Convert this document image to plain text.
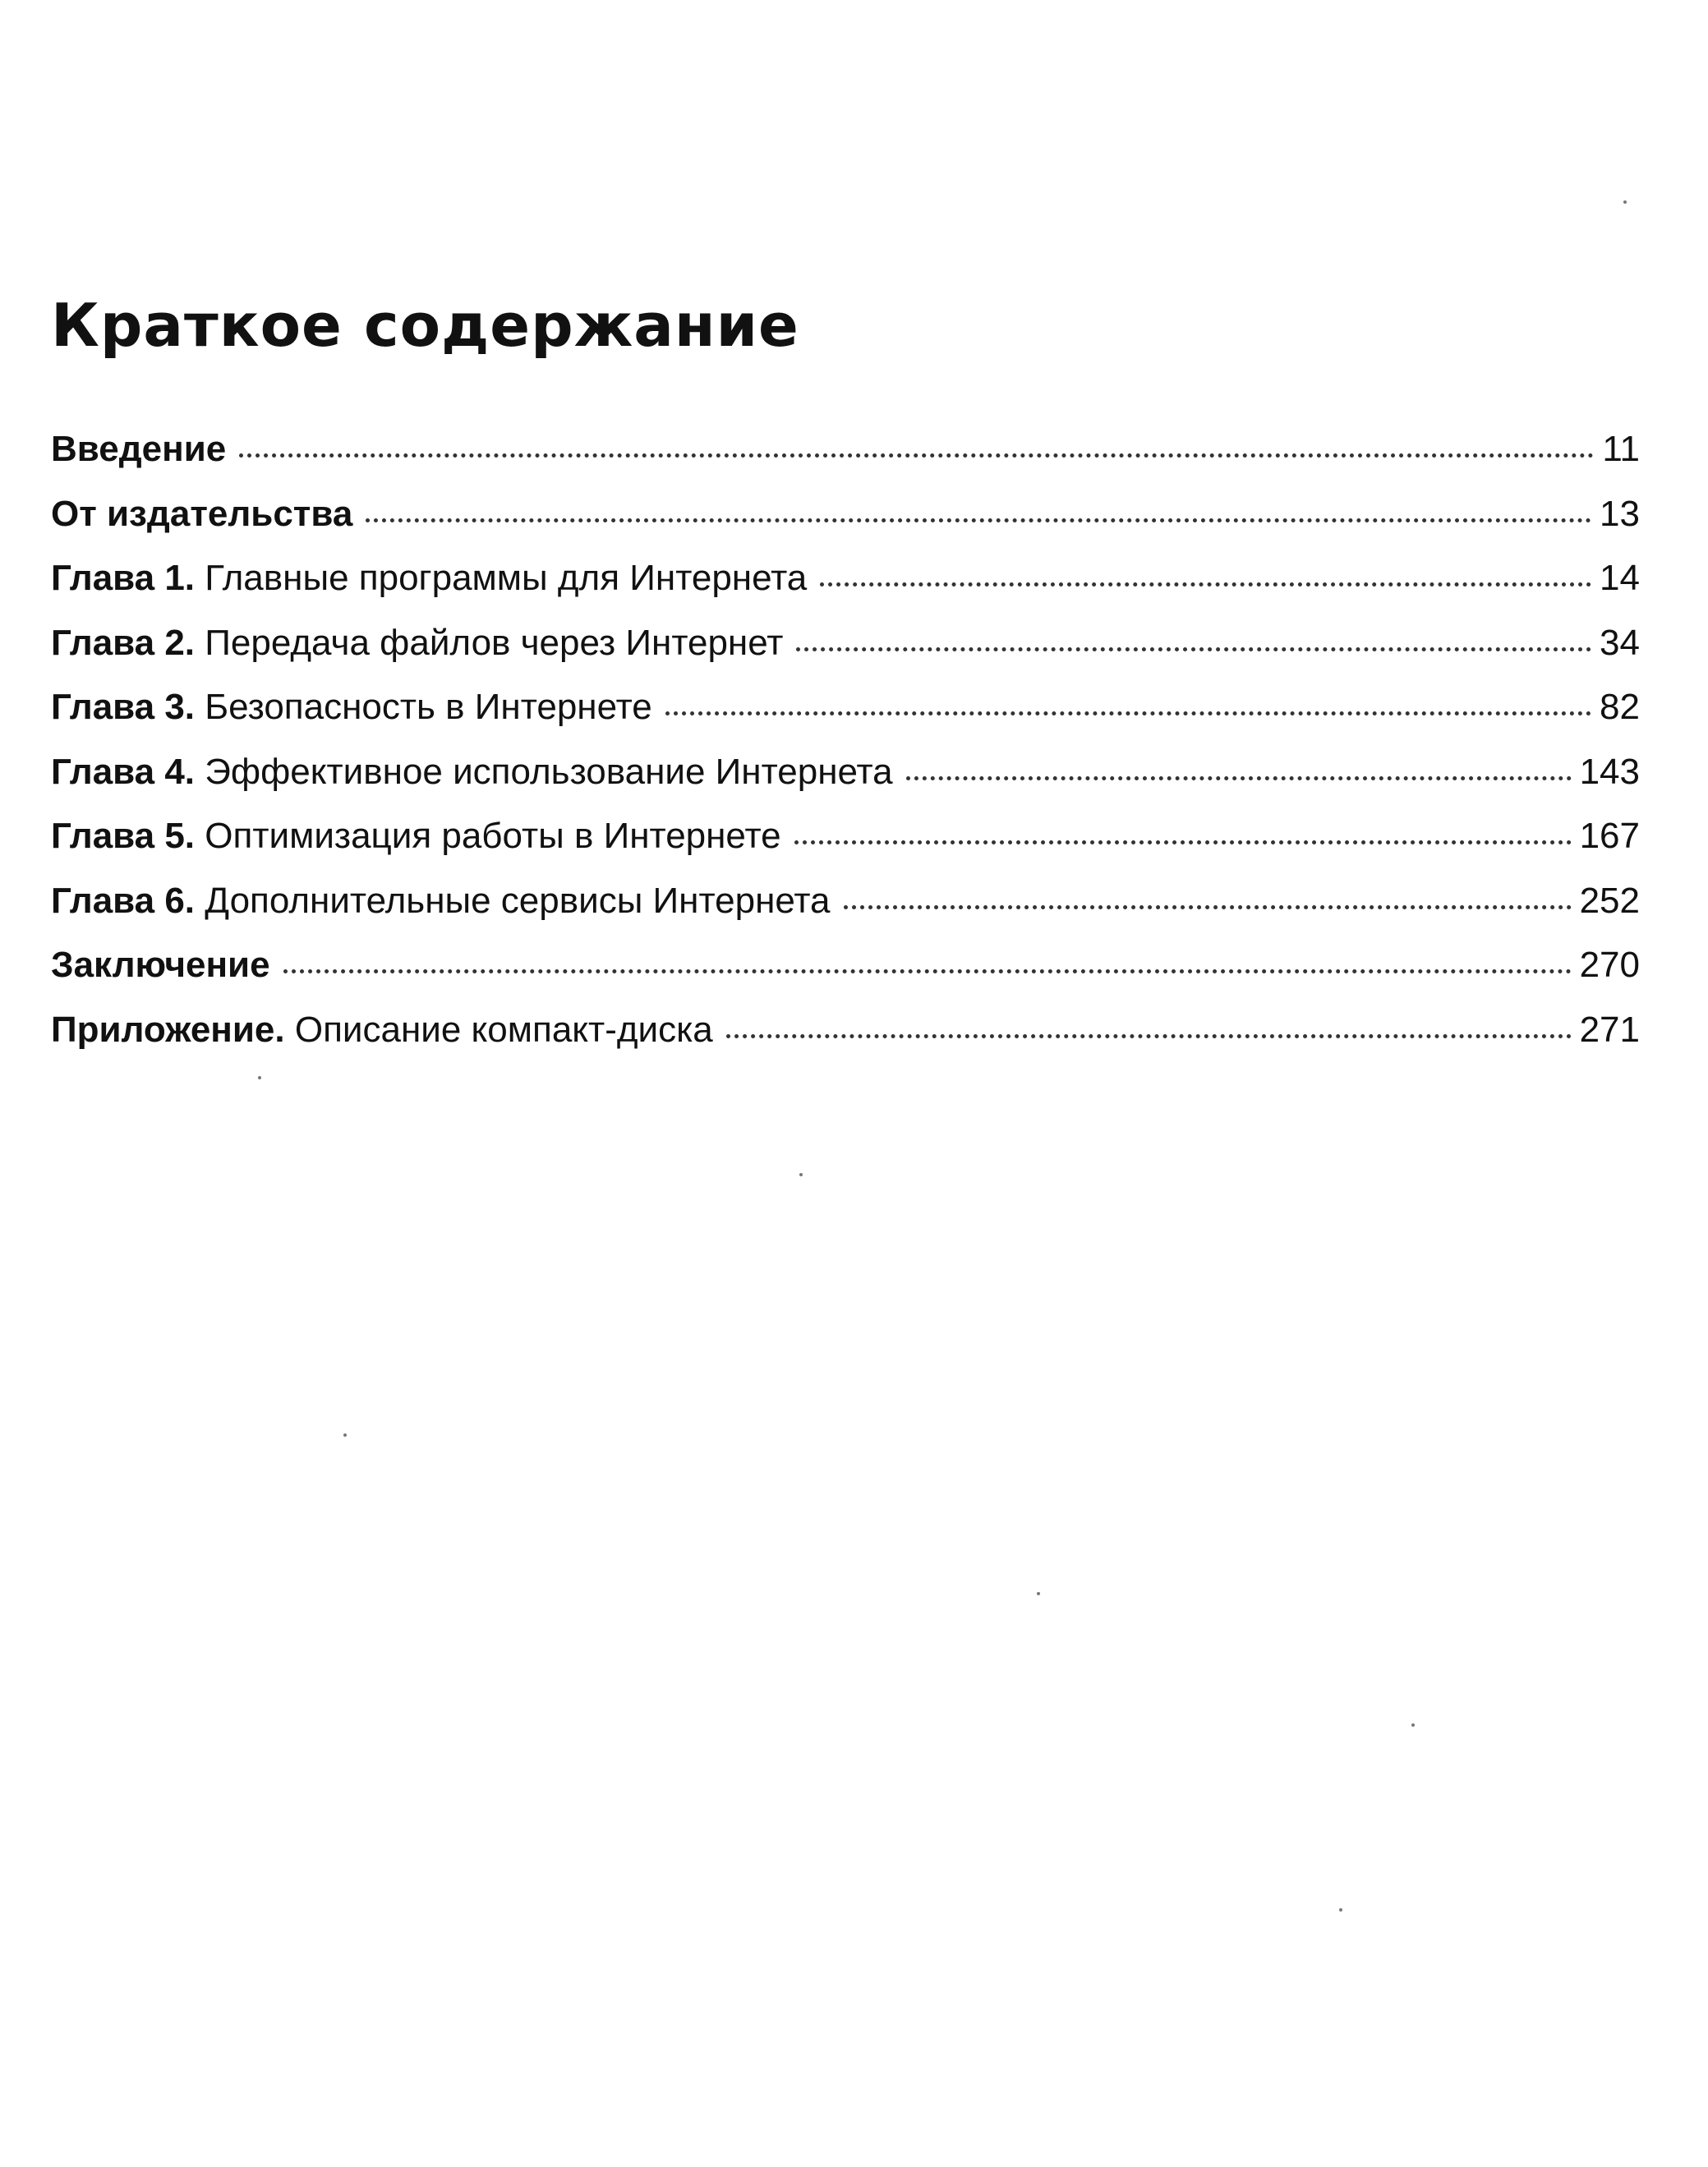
Краткое содержание
Введение	11
От издательства	13
Глава 1. Главные программы для Интернета	14
Глава 2. Передача файлов через Интернет	34
Глава 3. Безопасность в Интернете	82
Глава 4. Эффективное использование Интернета	143
Глава 5. Оптимизация работы в Интернете	167
Глава 6. Дополнительные сервисы Интернета	252
Заключение	270
Приложение. Описание компакт-диска	271
